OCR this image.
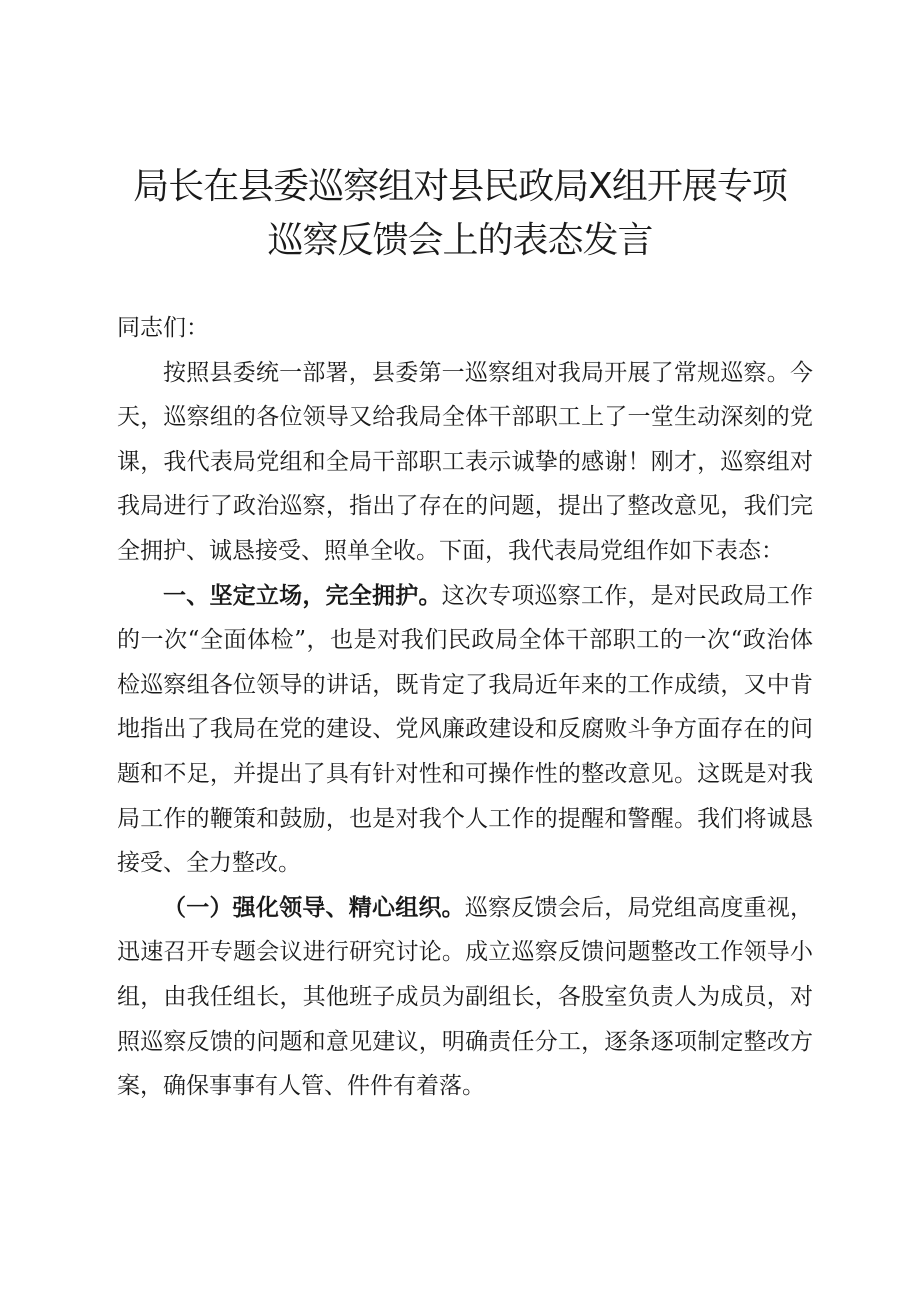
局长在县委巡察组对县民政局X组开展专项
巡察反馈会上的表态发言

同志们：

按照县委统一部署，县委第一巡察组对我局开展了常规巡察。今天，巡察组的各位领导又给我局全体干部职工上了一堂生动深刻的党课，我代表局党组和全局干部职工表示诚挚的感谢！刚才，巡察组对我局进行了政治巡察，指出了存在的问题，提出了整改意见，我们完全拥护、诚恳接受、照单全收。下面，我代表局党组作如下表态：

一、坚定立场，完全拥护。这次专项巡察工作，是对民政局工作的一次“全面体检”，也是对我们民政局全体干部职工的一次“政治体检巡察组各位领导的讲话，既肯定了我局近年来的工作成绩，又中肯地指出了我局在党的建设、党风廉政建设和反腐败斗争方面存在的问题和不足，并提出了具有针对性和可操作性的整改意见。这既是对我局工作的鞭策和鼓励，也是对我个人工作的提醒和警醒。我们将诚恳接受、全力整改。

（一）强化领导、精心组织。巡察反馈会后，局党组高度重视，迅速召开专题会议进行研究讨论。成立巡察反馈问题整改工作领导小组，由我任组长，其他班子成员为副组长，各股室负责人为成员，对照巡察反馈的问题和意见建议，明确责任分工，逐条逐项制定整改方案，确保事事有人管、件件有着落。
